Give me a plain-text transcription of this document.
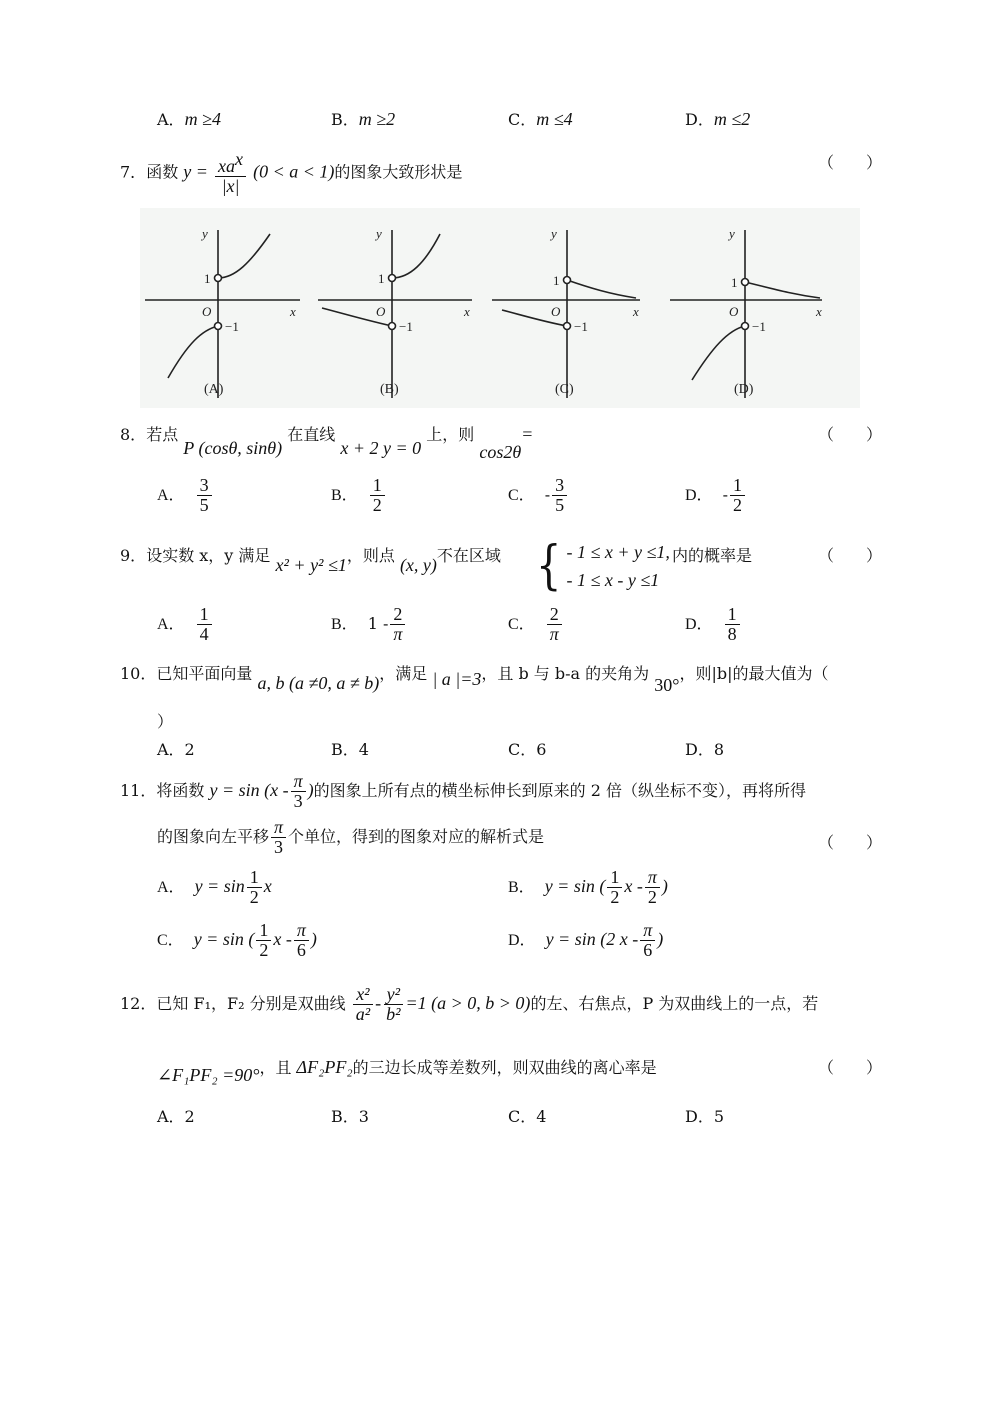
A．m ≥4	B．m ≥2	C．m ≤4	D．m ≤2
7．函数 $y = \frac{xa^x}{|x|} (0 < a < 1)$的图象大致形状是	（　　）
y
x
O
y
x
O
y
x
O
y
x
O
1
−1
1
−1
1
−1
1
−1
(A)	(B)	(C)	(D)
8．若点 P (cosθ, sinθ) 在直线 x + 2 y = 0 上，则 cos2θ=	（　　）
A． $\frac{3}{5}$	B． $\frac{1}{2}$	C． - $\frac{3}{5}$	D． - $\frac{1}{2}$
9．设实数 x，y 满足 x² + y² ≤1，则点 (x, y)不在区域 { - 1 ≤ x + y ≤1,
- 1 ≤ x - y ≤1
内的概率是	（　　）
A． $\frac{1}{4}$	B． $1 - \frac{2}{\pi}$	C． $\frac{2}{\pi}$	D． $\frac{1}{8}$
10．已知平面向量 a, b (a ≠0, a ≠ b)，满足 | a |=3，且 b 与 b-a 的夹角为 30°，则|b|的最大值为（
）
A．2	B．4	C．6	D．8
11．将函数 $y = \sin (x - \frac{\pi}{3}$ )的图象上所有点的横坐标伸长到原来的 2 倍（纵坐标不变），再将所得
的图象向左平移 $\frac{\pi}{3}$ 个单位，得到的图象对应的解析式是	（　　）
A． $y = \sin \frac{1}{2}$ x	B． y = sin ( $\frac{1}{2}$ x - $\frac{\pi}{2}$ )
C． y = sin ( $\frac{1}{2}$ x - $\frac{\pi}{6}$ )	D． y = sin (2 x - $\frac{\pi}{6}$ )
12．已知 F₁，F₂ 分别是双曲线 $\frac{\text{x²}}{\text{a²}} - \frac{\text{y²}}{\text{b²}} =1$ (a > 0, b > 0)的左、右焦点，P 为双曲线上的一点，若
∠F₁PF₂ =90°，且 ΔF₂PF₂的三边长成等差数列，则双曲线的离心率是	（　　）
A．2	B．3	C．4	D．5
